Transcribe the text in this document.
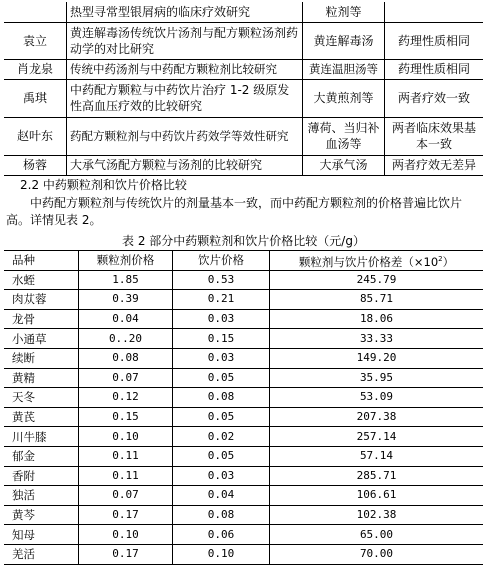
	热型寻常型银屑病的临床疗效研究	粒剂等	
袁立	黄连解毒汤传统饮片汤剂与配方颗粒汤剂药动学的对比研究	黄连解毒汤	药理性质相同
肖龙泉	传统中药汤剂与中药配方颗粒剂比较研究	黄连温胆汤等	药理性质相同
禹琪	中药配方颗粒与中药饮片治疗 1-2 级原发性高血压疗效的比较研究	大黄煎剂等	两者疗效一致
赵叶东	药配方颗粒剂与中药饮片药效学等效性研究	薄荷、当归补血汤等	两者临床效果基本一致
杨蓉	大承气汤配方颗粒与汤剂的比较研究	大承气汤	两者疗效无差异
2.2 中药颗粒剂和饮片价格比较
中药配方颗粒剂与传统饮片的剂量基本一致，而中药配方颗粒剂的价格普遍比饮片高。详情见表 2。
表 2 部分中药颗粒剂和饮片价格比较（元/g）
品种	颗粒剂价格	饮片价格	颗粒剂与饮片价格差$(\times 10^2)$
水蛭	1.85	0.53	245.79
肉苁蓉	0.39	0.21	85.71
龙骨	0.04	0.03	18.06
小通草	0..20	0.15	33.33
续断	0.08	0.03	149.20
黄精	0.07	0.05	35.95
天冬	0.12	0.08	53.09
黄芪	0.15	0.05	207.38
川牛膝	0.10	0.02	257.14
郁金	0.11	0.05	57.14
香附	0.11	0.03	285.71
独活	0.07	0.04	106.61
黄芩	0.17	0.08	102.38
知母	0.10	0.06	65.00
羌活	0.17	0.10	70.00
